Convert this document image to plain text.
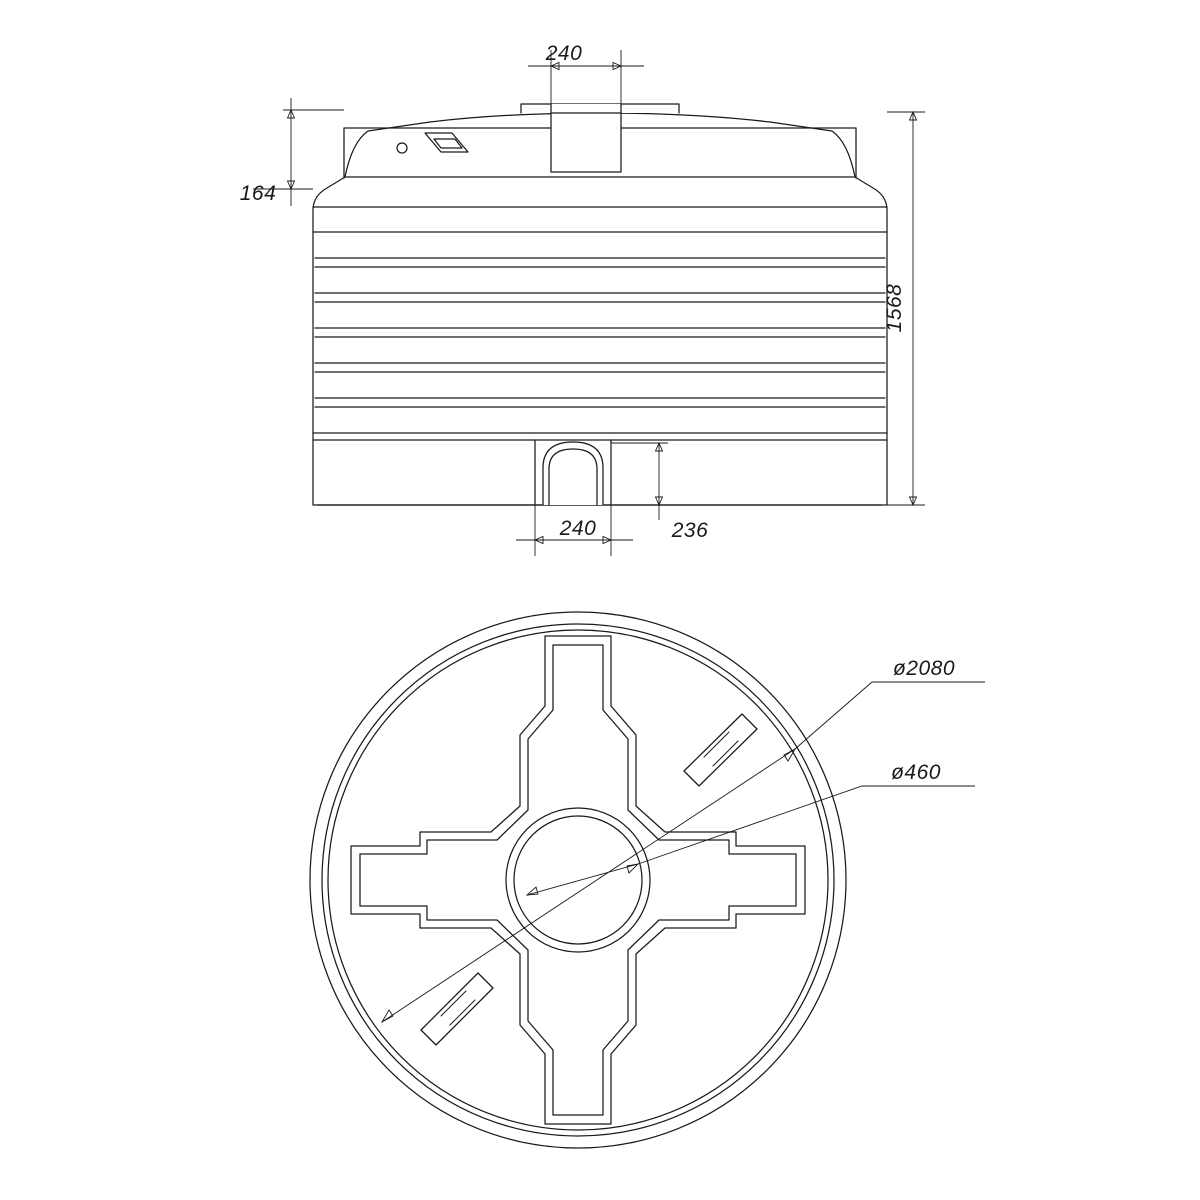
240
164
1568
240	236
ø2080
ø460
